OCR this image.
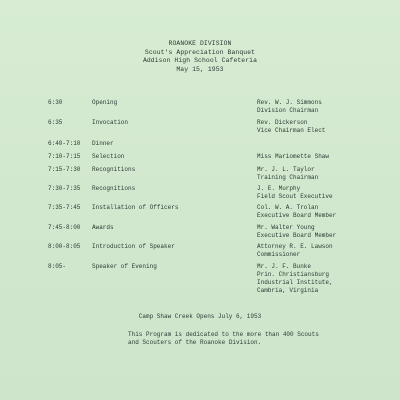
ROANOKE DIVISION
Scout's Appreciation Banquet
Addison High School Cafeteria
May 15, 1953
6:30	Opening	Rev. W. J. Simmons
Division Chairman
6:35	Invocation	Rev. Dickerson
Vice Chairman Elect
6:40-7:10 Dinner
7:10-7:15 Selection	Miss Mariomette Shaw
7:15-7:30 Recognitions	Mr. J. L. Taylor
Training Chairman
7:30-7:35 Recognitions	J. E. Murphy
Field Scout Executive
7:35-7:45 Installation of Officers	Col. W. A. Trolan
Executive Board Member
7:45-8:00 Awards	Mr. Walter Young
Executive Board Member
8:00-8:05 Introduction of Speaker	Attorney R. E. Lawson
Commissioner
8:05-	Speaker of Evening	Mr. J. F. Bunke
Prin. Christiansburg
Industrial Institute,
Cambria, Virginia
Camp Shaw Creek Opens July 6, 1953
This Program is dedicated to the more than 400 Scouts
and Scouters of the Roanoke Division.
